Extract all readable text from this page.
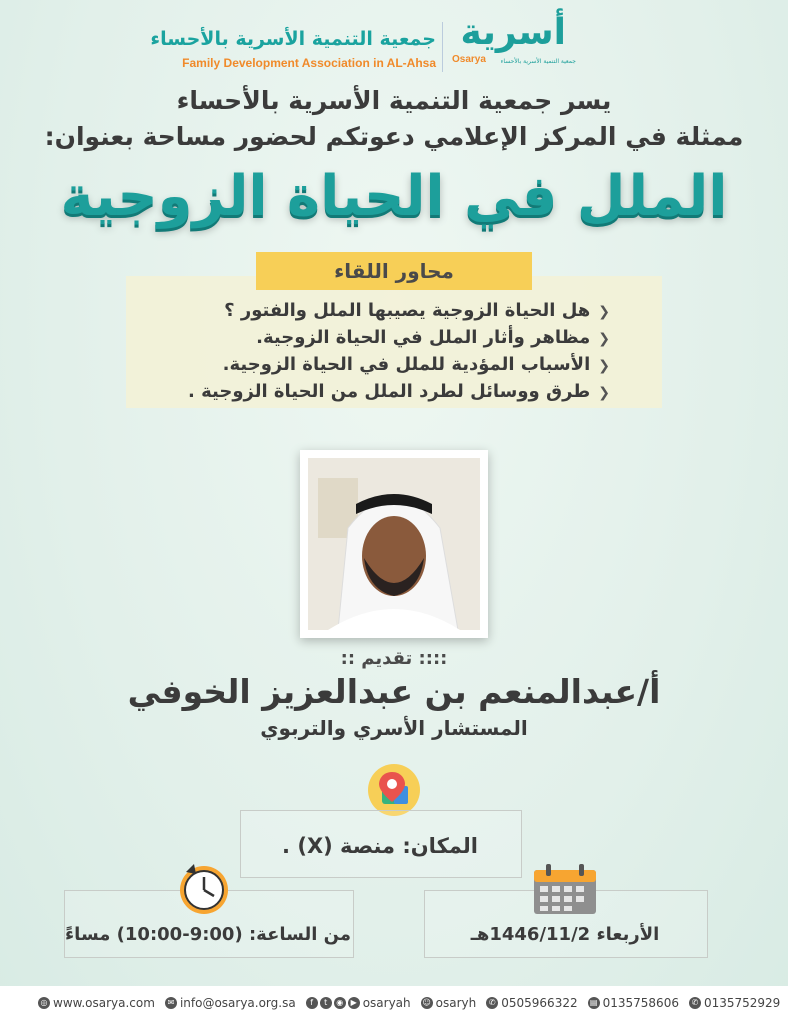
جمعية التنمية الأسرية بالأحساء
Family Development Association in AL-Ahsa
أسرية
Osarya جمعية التنمية الأسرية بالأحساء
يسر جمعية التنمية الأسرية بالأحساء
ممثلة في المركز الإعلامي دعوتكم لحضور مساحة بعنوان:
الملل في الحياة الزوجية
محاور اللقاء
❮هل الحياة الزوجية يصيبها الملل والفتور ؟
❮مظاهر وأثار الملل في الحياة الزوجية.
❮الأسباب المؤدية للملل في الحياة الزوجية.
❮طرق ووسائل لطرد الملل من الحياة الزوجية .
:::: تقديم ::
أ/عبدالمنعم بن عبدالعزيز الخوفي
المستشار الأسري والتربوي
المكان: منصة (X) .
الأربعاء 1446/11/2هـ
من الساعة: (9:00-10:00) مساءً
◎ www.osarya.com	✉ info@osarya.org.sa	f	t	◉ ▶ osaryah ☺ osaryh	✆ 0505966322 ▤ 0135758606	✆ 0135752929
